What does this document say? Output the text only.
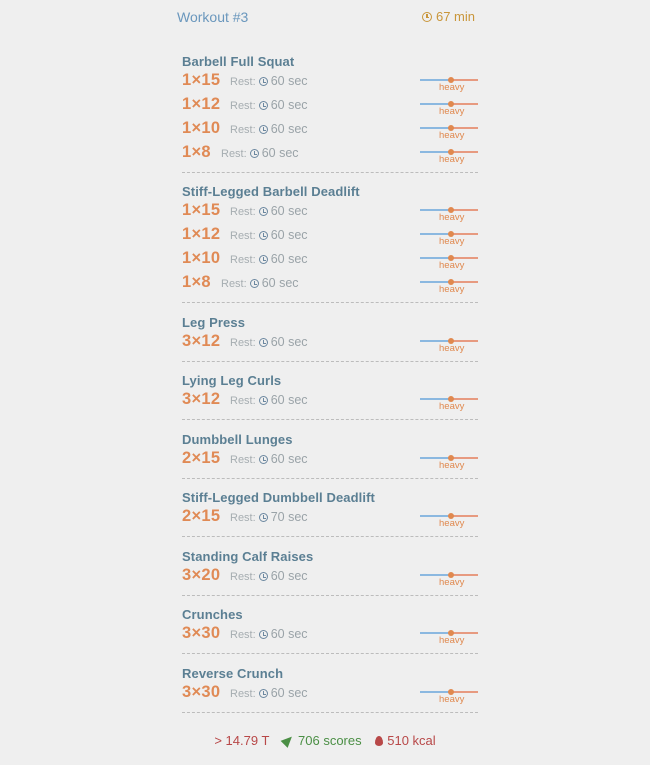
Workout #3	67 min
Barbell Full Squat
1×15 Rest: 60 sec	heavy
1×12 Rest: 60 sec	heavy
1×10 Rest: 60 sec	heavy
1×8 Rest: 60 sec	heavy
Stiff-Legged Barbell Deadlift
1×15 Rest: 60 sec	heavy
1×12 Rest: 60 sec	heavy
1×10 Rest: 60 sec	heavy
1×8 Rest: 60 sec	heavy
Leg Press
3×12 Rest: 60 sec	heavy
Lying Leg Curls
3×12 Rest: 60 sec	heavy
Dumbbell Lunges
2×15 Rest: 60 sec	heavy
Stiff-Legged Dumbbell Deadlift
2×15 Rest: 70 sec	heavy
Standing Calf Raises
3×20 Rest: 60 sec	heavy
Crunches
3×30 Rest: 60 sec	heavy
Reverse Crunch
3×30 Rest: 60 sec	heavy
> 14.79 T 706 scores 510 kcal
